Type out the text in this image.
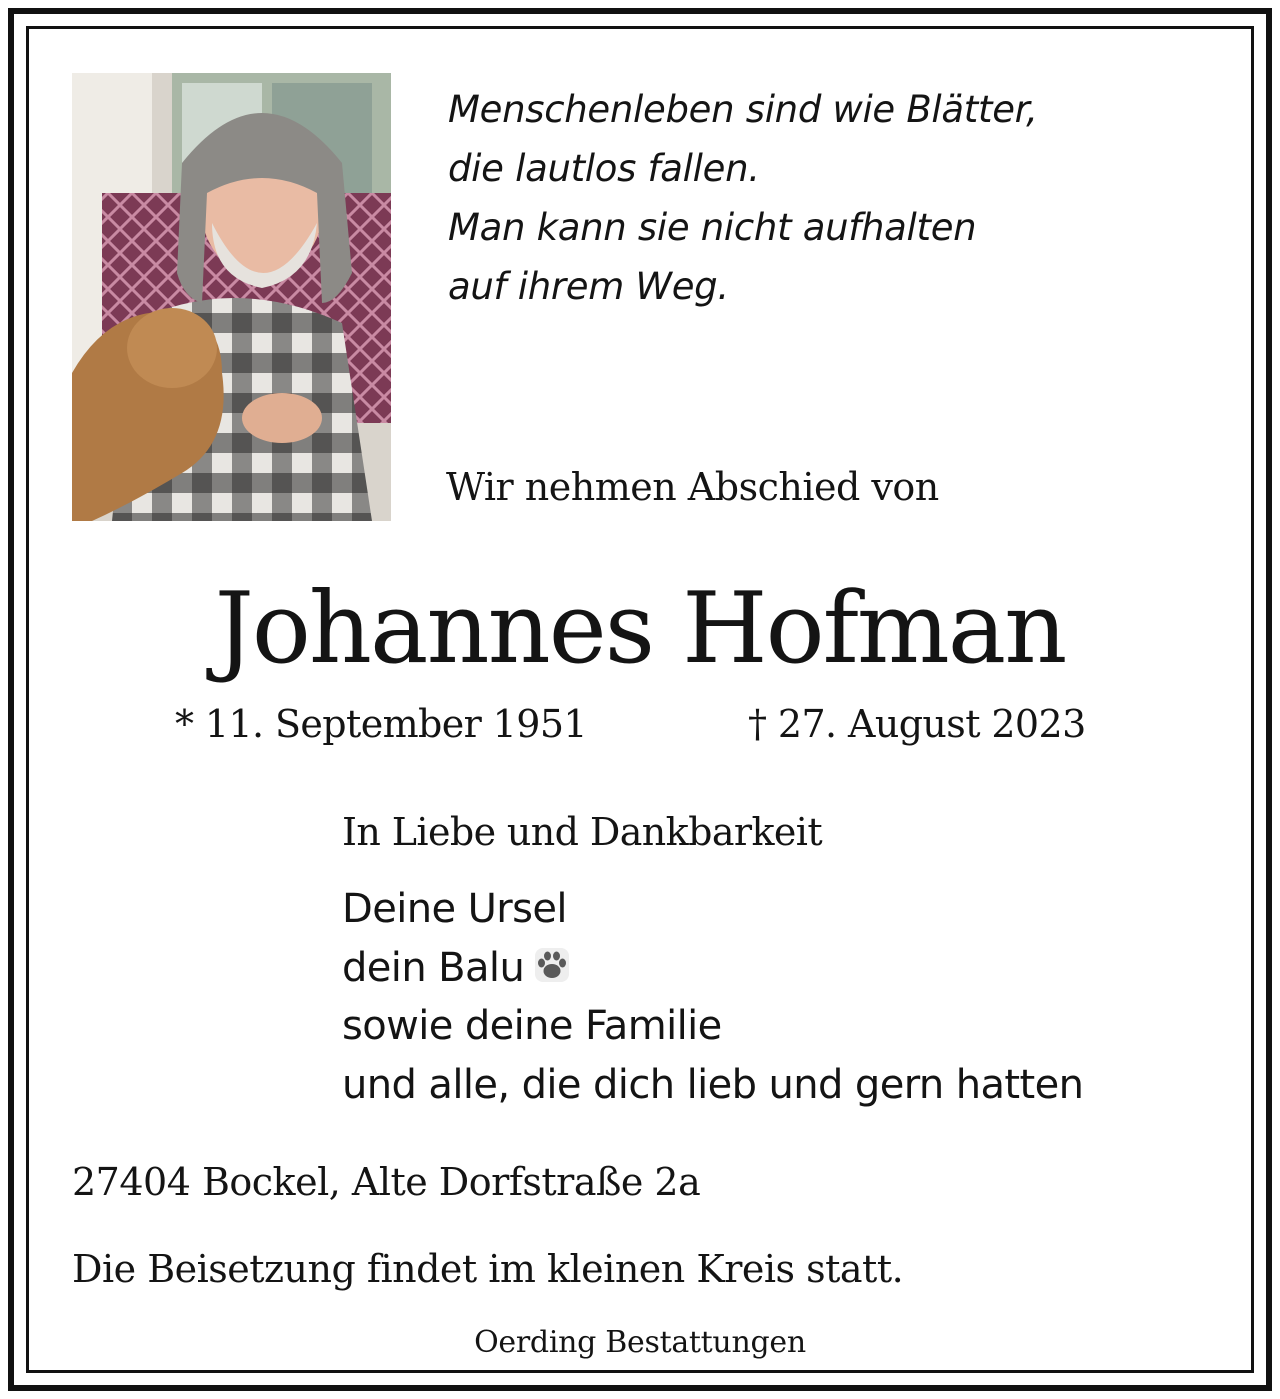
Menschenleben sind wie Blätter,
die lautlos fallen.
Man kann sie nicht aufhalten
auf ihrem Weg.
Wir nehmen Abschied von
Johannes Hofman
* 11. September 1951	† 27. August 2023
In Liebe und Dankbarkeit
Deine Ursel
dein Balu
sowie deine Familie
und alle, die dich lieb und gern hatten
27404 Bockel, Alte Dorfstraße 2a
Die Beisetzung findet im kleinen Kreis statt.
Oerding Bestattungen
